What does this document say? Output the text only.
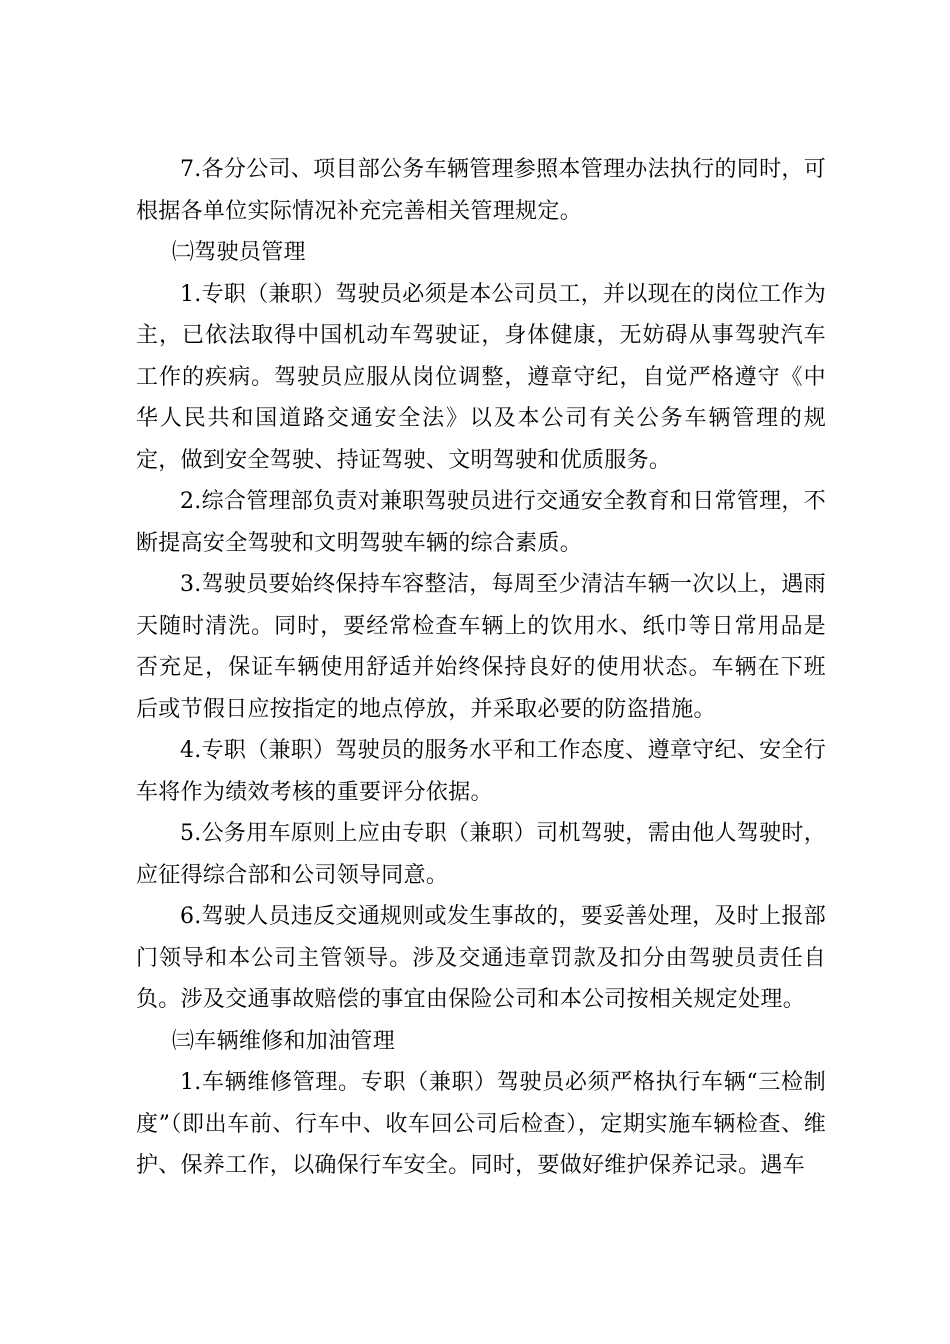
7.各分公司、项目部公务车辆管理参照本管理办法执行的同时，可根据各单位实际情况补充完善相关管理规定。

㈡驾驶员管理

1.专职（兼职）驾驶员必须是本公司员工，并以现在的岗位工作为主，已依法取得中国机动车驾驶证，身体健康，无妨碍从事驾驶汽车工作的疾病。驾驶员应服从岗位调整，遵章守纪，自觉严格遵守《中华人民共和国道路交通安全法》以及本公司有关公务车辆管理的规定，做到安全驾驶、持证驾驶、文明驾驶和优质服务。

2.综合管理部负责对兼职驾驶员进行交通安全教育和日常管理，不断提高安全驾驶和文明驾驶车辆的综合素质。

3.驾驶员要始终保持车容整洁，每周至少清洁车辆一次以上，遇雨天随时清洗。同时，要经常检查车辆上的饮用水、纸巾等日常用品是否充足，保证车辆使用舒适并始终保持良好的使用状态。车辆在下班后或节假日应按指定的地点停放，并采取必要的防盗措施。

4.专职（兼职）驾驶员的服务水平和工作态度、遵章守纪、安全行车将作为绩效考核的重要评分依据。

5.公务用车原则上应由专职（兼职）司机驾驶，需由他人驾驶时，应征得综合部和公司领导同意。

6.驾驶人员违反交通规则或发生事故的，要妥善处理，及时上报部门领导和本公司主管领导。涉及交通违章罚款及扣分由驾驶员责任自负。涉及交通事故赔偿的事宜由保险公司和本公司按相关规定处理。

㈢车辆维修和加油管理

1.车辆维修管理。专职（兼职）驾驶员必须严格执行车辆“三检制度”（即出车前、行车中、收车回公司后检查），定期实施车辆检查、维护、保养工作，以确保行车安全。同时，要做好维护保养记录。遇车
